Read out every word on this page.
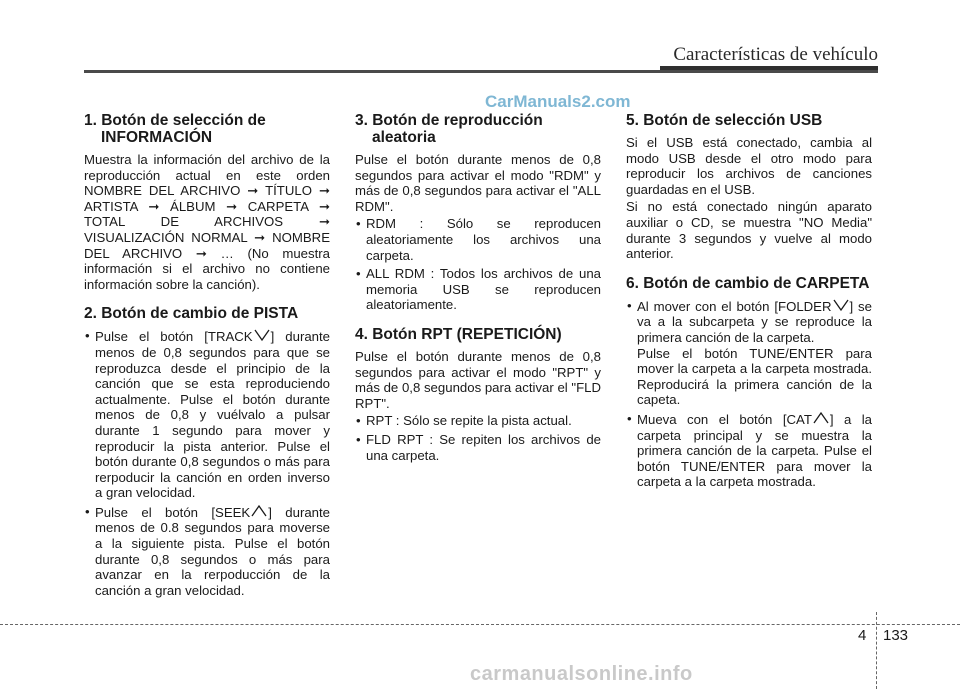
Características de vehículo
CarManuals2.com
1. Botón de selección de
INFORMACIÓN

Muestra la información del archivo de la reproducción actual en este orden NOMBRE DEL ARCHIVO ➞ TÍTULO ➞ ARTISTA ➞ ÁLBUM ➞ CARPETA ➞ TOTAL DE ARCHIVOS ➞ VISUALIZACIÓN NORMAL ➞ NOMBRE DEL ARCHIVO ➞ … (No muestra información si el archivo no contiene información sobre la canción).

2. Botón de cambio de PISTA
• Pulse el botón [TRACK ] durante menos de 0,8 segundos para que se reproduzca desde el principio de la canción que se esta reproduciendo actualmente. Pulse el botón durante menos de 0,8 y vuélvalo a pulsar durante 1 segundo para mover y reproducir la pista anterior. Pulse el botón durante 0,8 segundos o más para rerpoducir la canción en orden inverso a gran velocidad.
• Pulse el botón [SEEK ] durante menos de 0.8 segundos para moverse a la siguiente pista. Pulse el botón durante 0,8 segundos o más para avanzar en la rerpoducción de la canción a gran velocidad.
3. Botón de reproducción
aleatoria

Pulse el botón durante menos de 0,8 segundos para activar el modo "RDM" y más de 0,8 segundos para activar el "ALL RDM".

• RDM : Sólo se reproducen aleatoriamente los archivos una carpeta.
• ALL RDM : Todos los archivos de una memoria USB se reproducen aleatoriamente.
4. Botón RPT (REPETICIÓN)

Pulse el botón durante menos de 0,8 segundos para activar el modo "RPT" y más de 0,8 segundos para activar el "FLD RPT".

• RPT : Sólo se repite la pista actual.
• FLD RPT : Se repiten los archivos de una carpeta.
5. Botón de selección USB

Si el USB está conectado, cambia al modo USB desde el otro modo para reproducir los archivos de canciones guardadas en el USB.

Si no está conectado ningún aparato auxiliar o CD, se muestra "NO Media" durante 3 segundos y vuelve al modo anterior.

6. Botón de cambio de CARPETA
• Al mover con el botón [FOLDER ] se va a la subcarpeta y se reproduce la primera canción de la carpeta.
Pulse el botón TUNE/ENTER para mover la carpeta a la carpeta mostrada. Reproducirá la primera canción de la capeta.
• Mueva con el botón [CAT ] a la carpeta principal y se muestra la primera canción de la carpeta. Pulse el botón TUNE/ENTER para mover la carpeta a la carpeta mostrada.
4 133
carmanualsonline.info
